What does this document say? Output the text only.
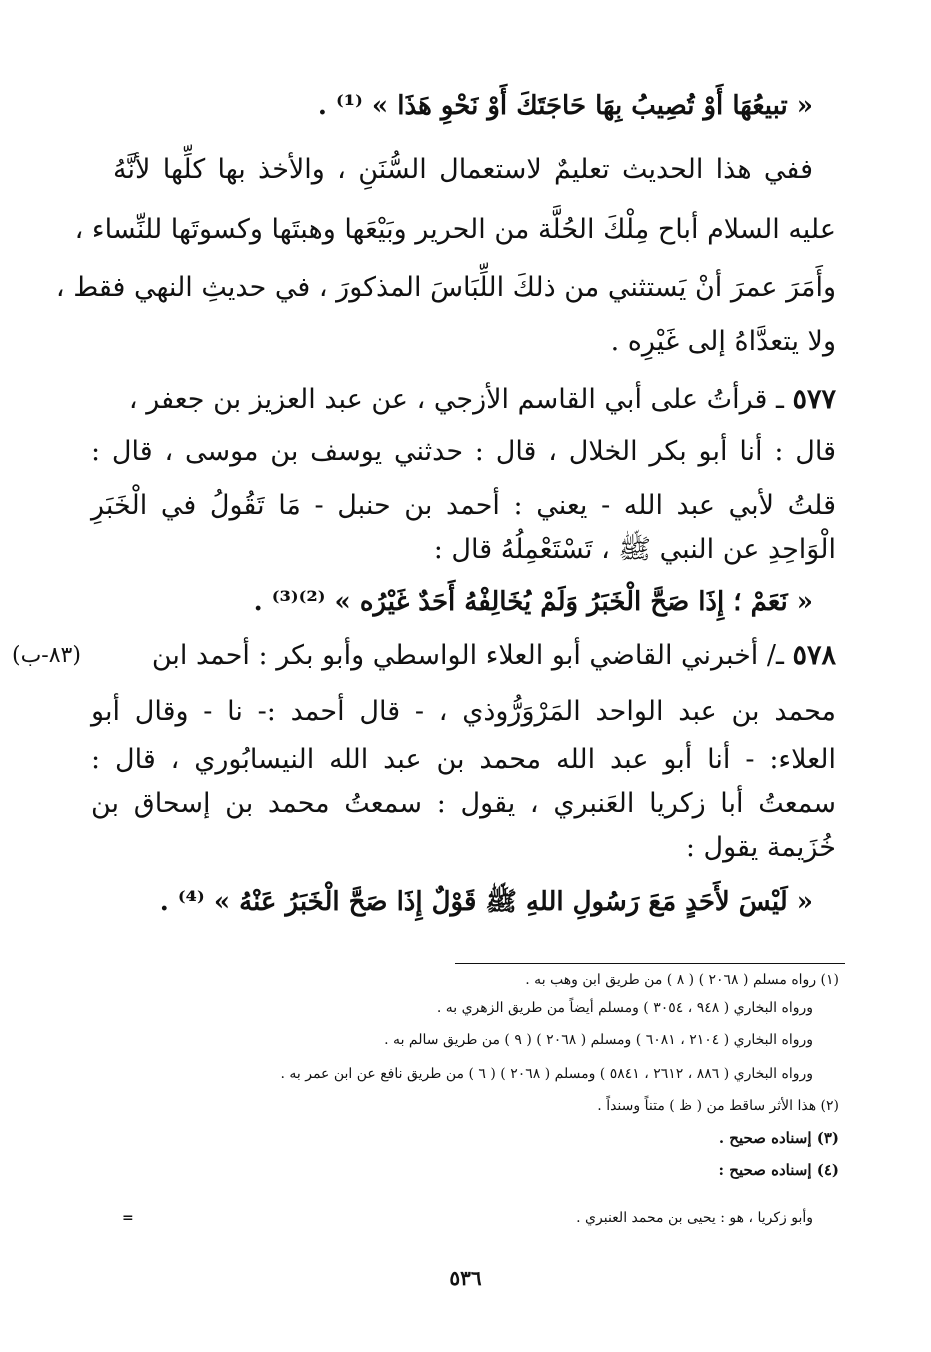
« تبيعُهَا أَوْ تُصِيبُ بِهَا حَاجَتَكَ أَوْ نَحْوِ هَذَا » ⁽¹⁾ .
ففي هذا الحديث تعليمٌ لاستعمال السُّنَنِ ، والأخذ بها كلِّها لأنَّهُ
عليه السلام أباح مِلْكَ الحُلَّة من الحرير وبَيْعَها وهبتَها وكسوتَها للنِّساء ،
وأَمَرَ عمرَ أنْ يَستثني من ذلكَ اللِّبَاسَ المذكورَ ، في حديثِ النهي فقط ،
ولا يتعدَّاهُ إلى غَيْرِه .
٥٧٧ ـ قرأتُ على أبي القاسم الأزجي ، عن عبد العزيز بن جعفر ،
قال : أنا أبو بكر الخلال ، قال : حدثني يوسف بن موسى ، قال :
قلتُ لأبي عبد الله - يعني : أحمد بن حنبل - مَا تَقُولُ في الْخَبَرِ
الْوَاحِدِ عن النبي ﷺ ، تَسْتَعْمِلُهُ قال :
« نَعَمْ ؛ إِذَا صَحَّ الْخَبَرُ وَلَمْ يُخَالِفْهُ أَحَدٌ غَيْرُه » ⁽²⁾⁽³⁾ .
٥٧٨ ـ/ أخبرني القاضي أبو العلاء الواسطي وأبو بكر : أحمد ابن
(٨٣-ب)
محمد بن عبد الواحد المَرْوَرُّوذي ، - قال أحمد :- نا - وقال أبو
العلاء: - أنا أبو عبد الله محمد بن عبد الله النيسابُوري ، قال :
سمعتُ أبا زكريا العَنبري ، يقول : سمعتُ محمد بن إسحاق بن
خُزَيمة يقول :
« لَيْسَ لأَحَدٍ مَعَ رَسُولِ اللهِ ﷺ قَوْلٌ إِذَا صَحَّ الْخَبَرُ عَنْهُ » ⁽⁴⁾ .
(١) رواه مسلم ( ٢٠٦٨ ) ( ٨ ) من طريق ابن وهب به .
ورواه البخاري ( ٩٤٨ ، ٣٠٥٤ ) ومسلم أيضاً من طريق الزهري به .
ورواه البخاري ( ٢١٠٤ ، ٦٠٨١ ) ومسلم ( ٢٠٦٨ ) ( ٩ ) من طريق سالم به .
ورواه البخاري ( ٨٨٦ ، ٢٦١٢ ، ٥٨٤١ ) ومسلم ( ٢٠٦٨ ) ( ٦ ) من طريق نافع عن ابن عمر به .
(٢) هذا الأثر ساقط من ( ظ ) متناً وسنداً .
(٣) إسناده صحيح .
(٤) إسناده صحيح :
وأبو زكريا ، هو : يحيى بن محمد العنبري .
=
٥٣٦
